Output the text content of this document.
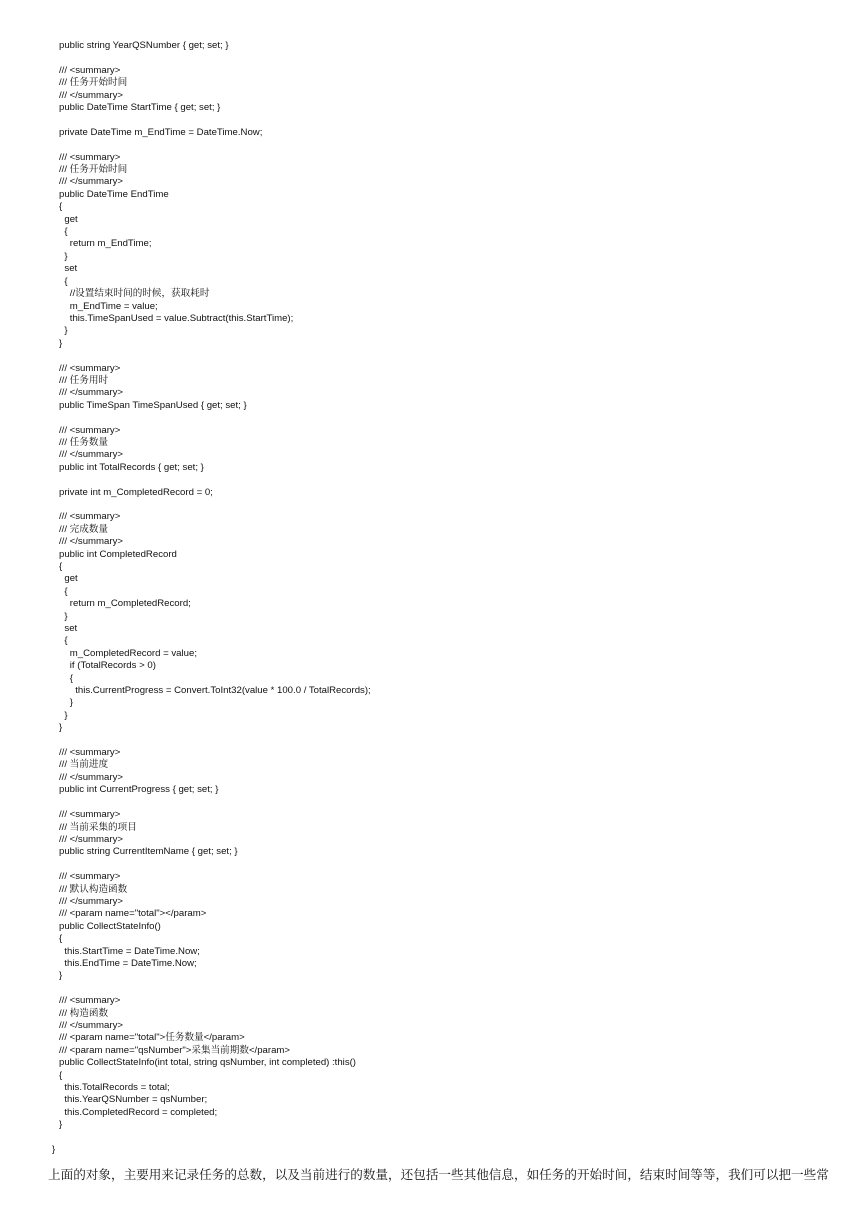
public string YearQSNumber { get; set; }
/// <summary>
/// 任务开始时间
/// </summary>
public DateTime StartTime { get; set; }
private DateTime m_EndTime = DateTime.Now;
/// <summary>
/// 任务开始时间
/// </summary>
public DateTime EndTime
{
get
{
return m_EndTime;
}
set
{
//设置结束时间的时候，获取耗时
m_EndTime = value;
this.TimeSpanUsed = value.Subtract(this.StartTime);
}
}
/// <summary>
/// 任务用时
/// </summary>
public TimeSpan TimeSpanUsed { get; set; }
/// <summary>
/// 任务数量
/// </summary>
public int TotalRecords { get; set; }
private int m_CompletedRecord = 0;
/// <summary>
/// 完成数量
/// </summary>
public int CompletedRecord
{
get
{
return m_CompletedRecord;
}
set
{
m_CompletedRecord = value;
if (TotalRecords > 0)
{
this.CurrentProgress = Convert.ToInt32(value * 100.0 / TotalRecords);
}
}
}
/// <summary>
/// 当前进度
/// </summary>
public int CurrentProgress { get; set; }
/// <summary>
/// 当前采集的项目
/// </summary>
public string CurrentItemName { get; set; }
/// <summary>
/// 默认构造函数
/// </summary>
/// <param name="total"></param>
public CollectStateInfo()
{
this.StartTime = DateTime.Now;
this.EndTime = DateTime.Now;
}
/// <summary>
/// 构造函数
/// </summary>
/// <param name="total">任务数量</param>
/// <param name="qsNumber">采集当前期数</param>
public CollectStateInfo(int total, string qsNumber, int completed) :this()
{
this.TotalRecords = total;
this.YearQSNumber = qsNumber;
this.CompletedRecord = completed;
}
}
上面的对象，主要用来记录任务的总数，以及当前进行的数量，还包括一些其他信息，如任务的开始时间，结束时间等等，我们可以把一些常
